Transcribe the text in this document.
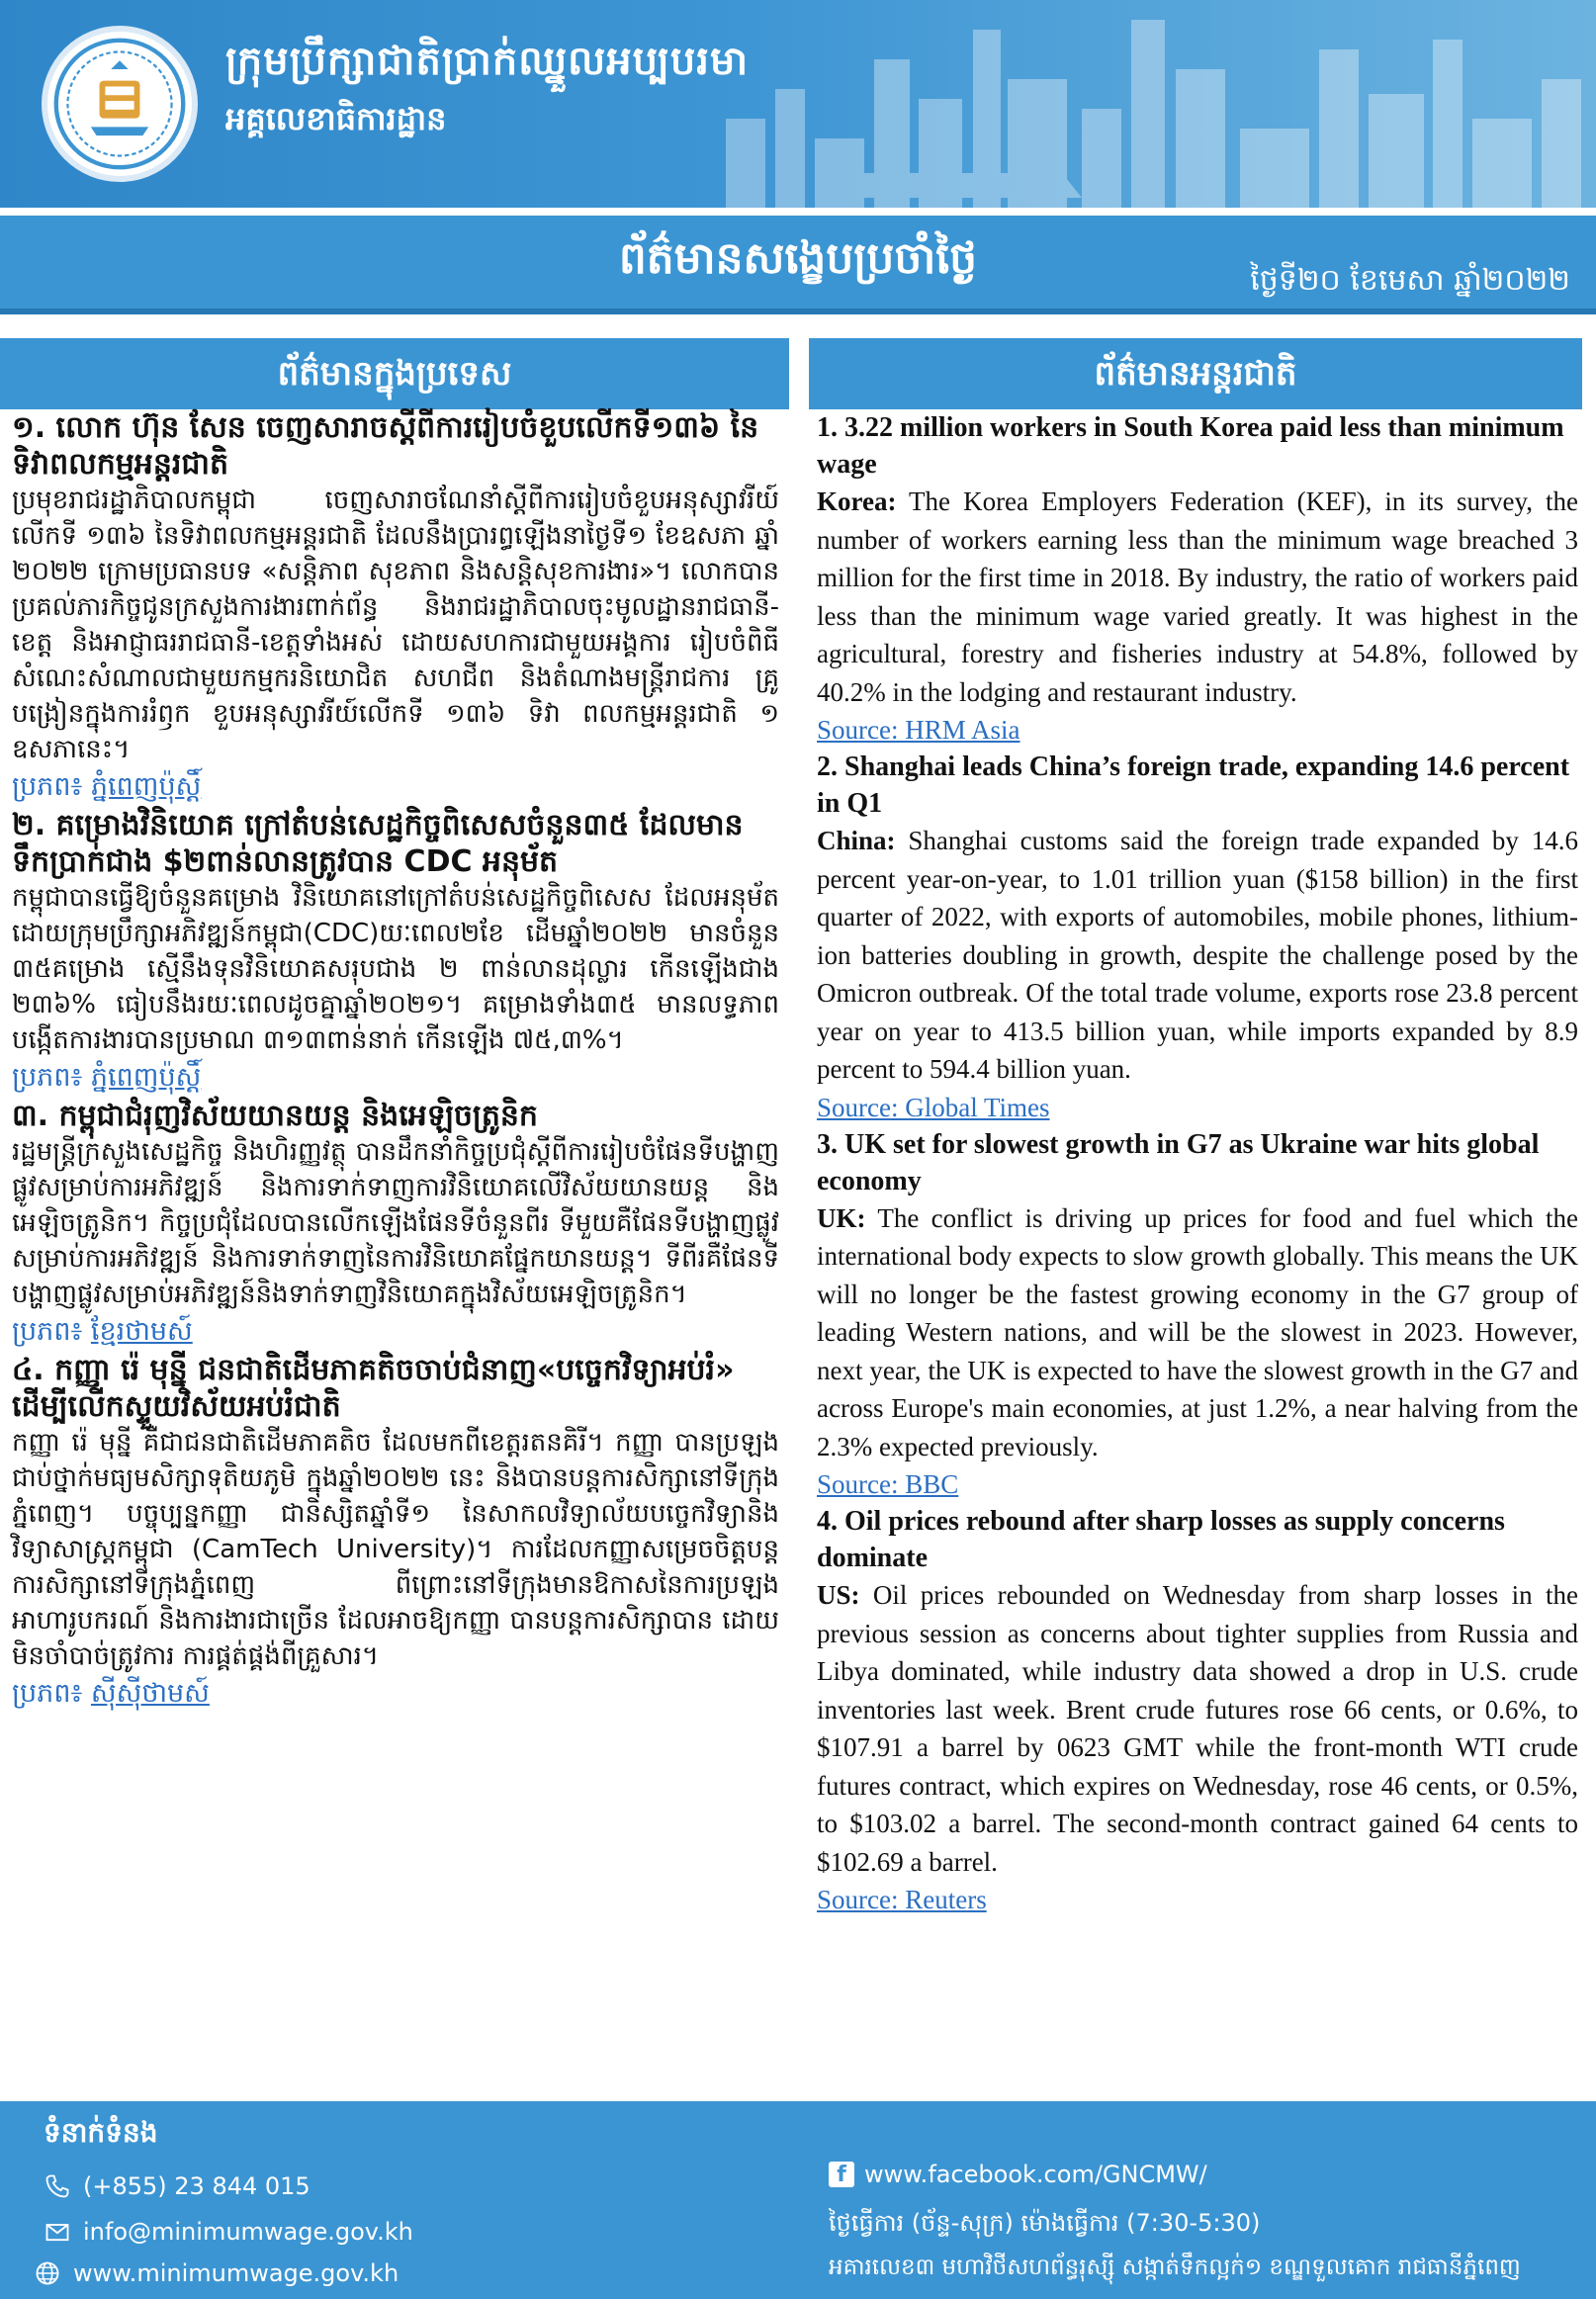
ក្រុមប្រឹក្សាជាតិប្រាក់ឈ្នួលអប្បបរមា
អគ្គលេខាធិការដ្ឋាន
ព័ត៌មានសង្ខេបប្រចាំថ្ងៃ	ថ្ងៃទី២០ ខែមេសា ឆ្នាំ២០២២
ព័ត៌មានក្នុងប្រទេស
១. លោក ហ៊ុន សែន ចេញសារាចស្តីពីការរៀបចំខួបលើកទី១៣៦ នៃទិវាពលកម្មអន្តរជាតិ

ប្រមុខរាជរដ្ឋាភិបាលកម្ពុជា ចេញសារាចណែនាំស្តីពីការរៀបចំខួបអនុស្សាវរីយ៍លើកទី ១៣៦ នៃទិវាពលកម្មអន្តរជាតិ ដែលនឹងប្រារព្ធឡើងនាថ្ងៃទី១ ខែឧសភា ឆ្នាំ ២០២២ ក្រោមប្រធានបទ «សន្តិភាព សុខភាព និងសន្តិសុខការងារ»។ លោកបានប្រគល់ភារកិច្ចជូនក្រសួងការងារពាក់ព័ន្ធ និងរាជរដ្ឋាភិបាលចុះមូលដ្ឋានរាជធានី-ខេត្ត និងអាជ្ញាធររាជធានី-ខេត្តទាំងអស់ ដោយសហការជាមួយអង្គការ រៀបចំពិធីសំណេះសំណាលជាមួយកម្មករនិយោជិត សហជីព និងតំណាងមន្ត្រីរាជការ គ្រូបង្រៀនក្នុងការរំឭក ខួបអនុស្សាវរីយ៍លើកទី ១៣៦ ទិវា ពលកម្មអន្តរជាតិ ១ ឧសភានេះ។

ប្រភព៖ ភ្នំពេញប៉ុស្ដិ៍
២. គម្រោងវិនិយោគ ក្រៅតំបន់សេដ្ឋកិច្ចពិសេសចំនួន៣៥ ដែលមានទឹកប្រាក់ជាង $២ពាន់លានត្រូវបាន CDC អនុម័ត

កម្ពុជាបានធ្វើឱ្យចំនួនគម្រោង វិនិយោគនៅក្រៅតំបន់សេដ្ឋកិច្ចពិសេស ដែលអនុម័តដោយក្រុមប្រឹក្សាអភិវឌ្ឍន៍កម្ពុជា(CDC)យៈពេល២ខែ ដើមឆ្នាំ២០២២ មានចំនួន ៣៥គម្រោង ស្មើនឹងទុនវិនិយោគសរុបជាង ២ ពាន់លានដុល្លារ កើនឡើងជាង ២៣៦% ធៀបនឹងរយៈពេលដូចគ្នាឆ្នាំ២០២១។ គម្រោងទាំង៣៥ មានលទ្ធភាព បង្កើតការងារបានប្រមាណ ៣១៣ពាន់នាក់ កើនឡើង ៧៥,៣%។

ប្រភព៖ ភ្នំពេញប៉ុស្ដិ៍
៣. កម្ពុជាជំរុញវិស័យយានយន្ត និងអេឡិចត្រូនិក

រដ្ឋមន្ត្រីក្រសួងសេដ្ឋកិច្ច និងហិរញ្ញវត្ថុ បានដឹកនាំកិច្ចប្រជុំស្តីពីការរៀបចំផែនទីបង្ហាញផ្លូវសម្រាប់ការអភិវឌ្ឍន៍ និងការទាក់ទាញការវិនិយោគលើវិស័យយានយន្ត និងអេឡិចត្រូនិក។ កិច្ចប្រជុំដែលបានលើកឡើងផែនទីចំនួនពីរ ទីមួយគឺផែនទីបង្ហាញផ្លូវ សម្រាប់ការអភិវឌ្ឍន៍ និងការទាក់ទាញនៃការវិនិយោគផ្នែកយានយន្ត។ ទីពីរគឺផែនទីបង្ហាញផ្លូវសម្រាប់អភិវឌ្ឍន៍និងទាក់ទាញវិនិយោគក្នុងវិស័យអេឡិចត្រូនិក។

ប្រភព៖ ខ្មែរថាមស៍
៤. កញ្ញា រ៉េ មុន្នី ជនជាតិដើមភាគតិចចាប់ជំនាញ«បច្ចេកវិទ្យាអប់រំ» ដើម្បីលើកស្ទួយវិស័យអប់រំជាតិ

កញ្ញា រ៉េ មុន្នី គឺជាជនជាតិដើមភាគតិច ដែលមកពីខេត្តរតនគិរី។ កញ្ញា បានប្រឡងជាប់ថ្នាក់មធ្យមសិក្សាទុតិយភូមិ ក្នុងឆ្នាំ២០២២ នេះ និងបានបន្តការសិក្សានៅទីក្រុងភ្នំពេញ។ បច្ចុប្បន្នកញ្ញា ជានិស្សិតឆ្នាំទី១ នៃសាកលវិទ្យាល័យបច្ចេកវិទ្យានិងវិទ្យាសាស្ត្រកម្ពុជា (CamTech University)។ ការដែលកញ្ញាសម្រេចចិត្តបន្តការសិក្សានៅទីក្រុងភ្នំពេញ ពីព្រោះនៅទីក្រុងមានឱកាសនៃការប្រឡងអាហារូបករណ៍ និងការងារជាច្រើន ដែលអាចឱ្យកញ្ញា បានបន្តការសិក្សាបាន ដោយមិនចាំបាច់ត្រូវការ ការផ្គត់ផ្គង់ពីគ្រួសារ។

ប្រភព៖ ស៊ីស៊ីថាមស៍
ព័ត៌មានអន្តរជាតិ
1. 3.22 million workers in South Korea paid less than minimum wage

Korea: The Korea Employers Federation (KEF), in its survey, the number of workers earning less than the minimum wage breached 3 million for the first time in 2018. By industry, the ratio of workers paid less than the minimum wage varied greatly. It was highest in the agricultural, forestry and fisheries industry at 54.8%, followed by 40.2% in the lodging and restaurant industry.

Source: HRM Asia
2. Shanghai leads China’s foreign trade, expanding 14.6 percent in Q1

China: Shanghai customs said the foreign trade expanded by 14.6 percent year-on-year, to 1.01 trillion yuan ($158 billion) in the first quarter of 2022, with exports of automobiles, mobile phones, lithium-ion batteries doubling in growth, despite the challenge posed by the Omicron outbreak. Of the total trade volume, exports rose 23.8 percent year on year to 413.5 billion yuan, while imports expanded by 8.9 percent to 594.4 billion yuan.

Source: Global Times
3. UK set for slowest growth in G7 as Ukraine war hits global economy

UK: The conflict is driving up prices for food and fuel which the international body expects to slow growth globally. This means the UK will no longer be the fastest growing economy in the G7 group of leading Western nations, and will be the slowest in 2023. However, next year, the UK is expected to have the slowest growth in the G7 and across Europe's main economies, at just 1.2%, a near halving from the 2.3% expected previously.

Source: BBC
4. Oil prices rebound after sharp losses as supply concerns dominate

US: Oil prices rebounded on Wednesday from sharp losses in the previous session as concerns about tighter supplies from Russia and Libya dominated, while industry data showed a drop in U.S. crude inventories last week. Brent crude futures rose 66 cents, or 0.6%, to $107.91 a barrel by 0623 GMT while the front-month WTI crude futures contract, which expires on Wednesday, rose 46 cents, or 0.5%, to $103.02 a barrel. The second-month contract gained 64 cents to $102.69 a barrel.

Source: Reuters
ទំនាក់ទំនង
(+855) 23 844 015
info@minimumwage.gov.kh
www.minimumwage.gov.kh
f www.facebook.com/GNCMW/
ថ្ងៃធ្វើការ (ច័ន្ទ-សុក្រ) ម៉ោងធ្វើការ (7:30-5:30)
អគារលេខ៣ មហាវិថីសហព័ន្ធរុស្ស៊ី សង្កាត់ទឹកល្អក់១ ខណ្ឌទួលគោក រាជធានីភ្នំពេញ
